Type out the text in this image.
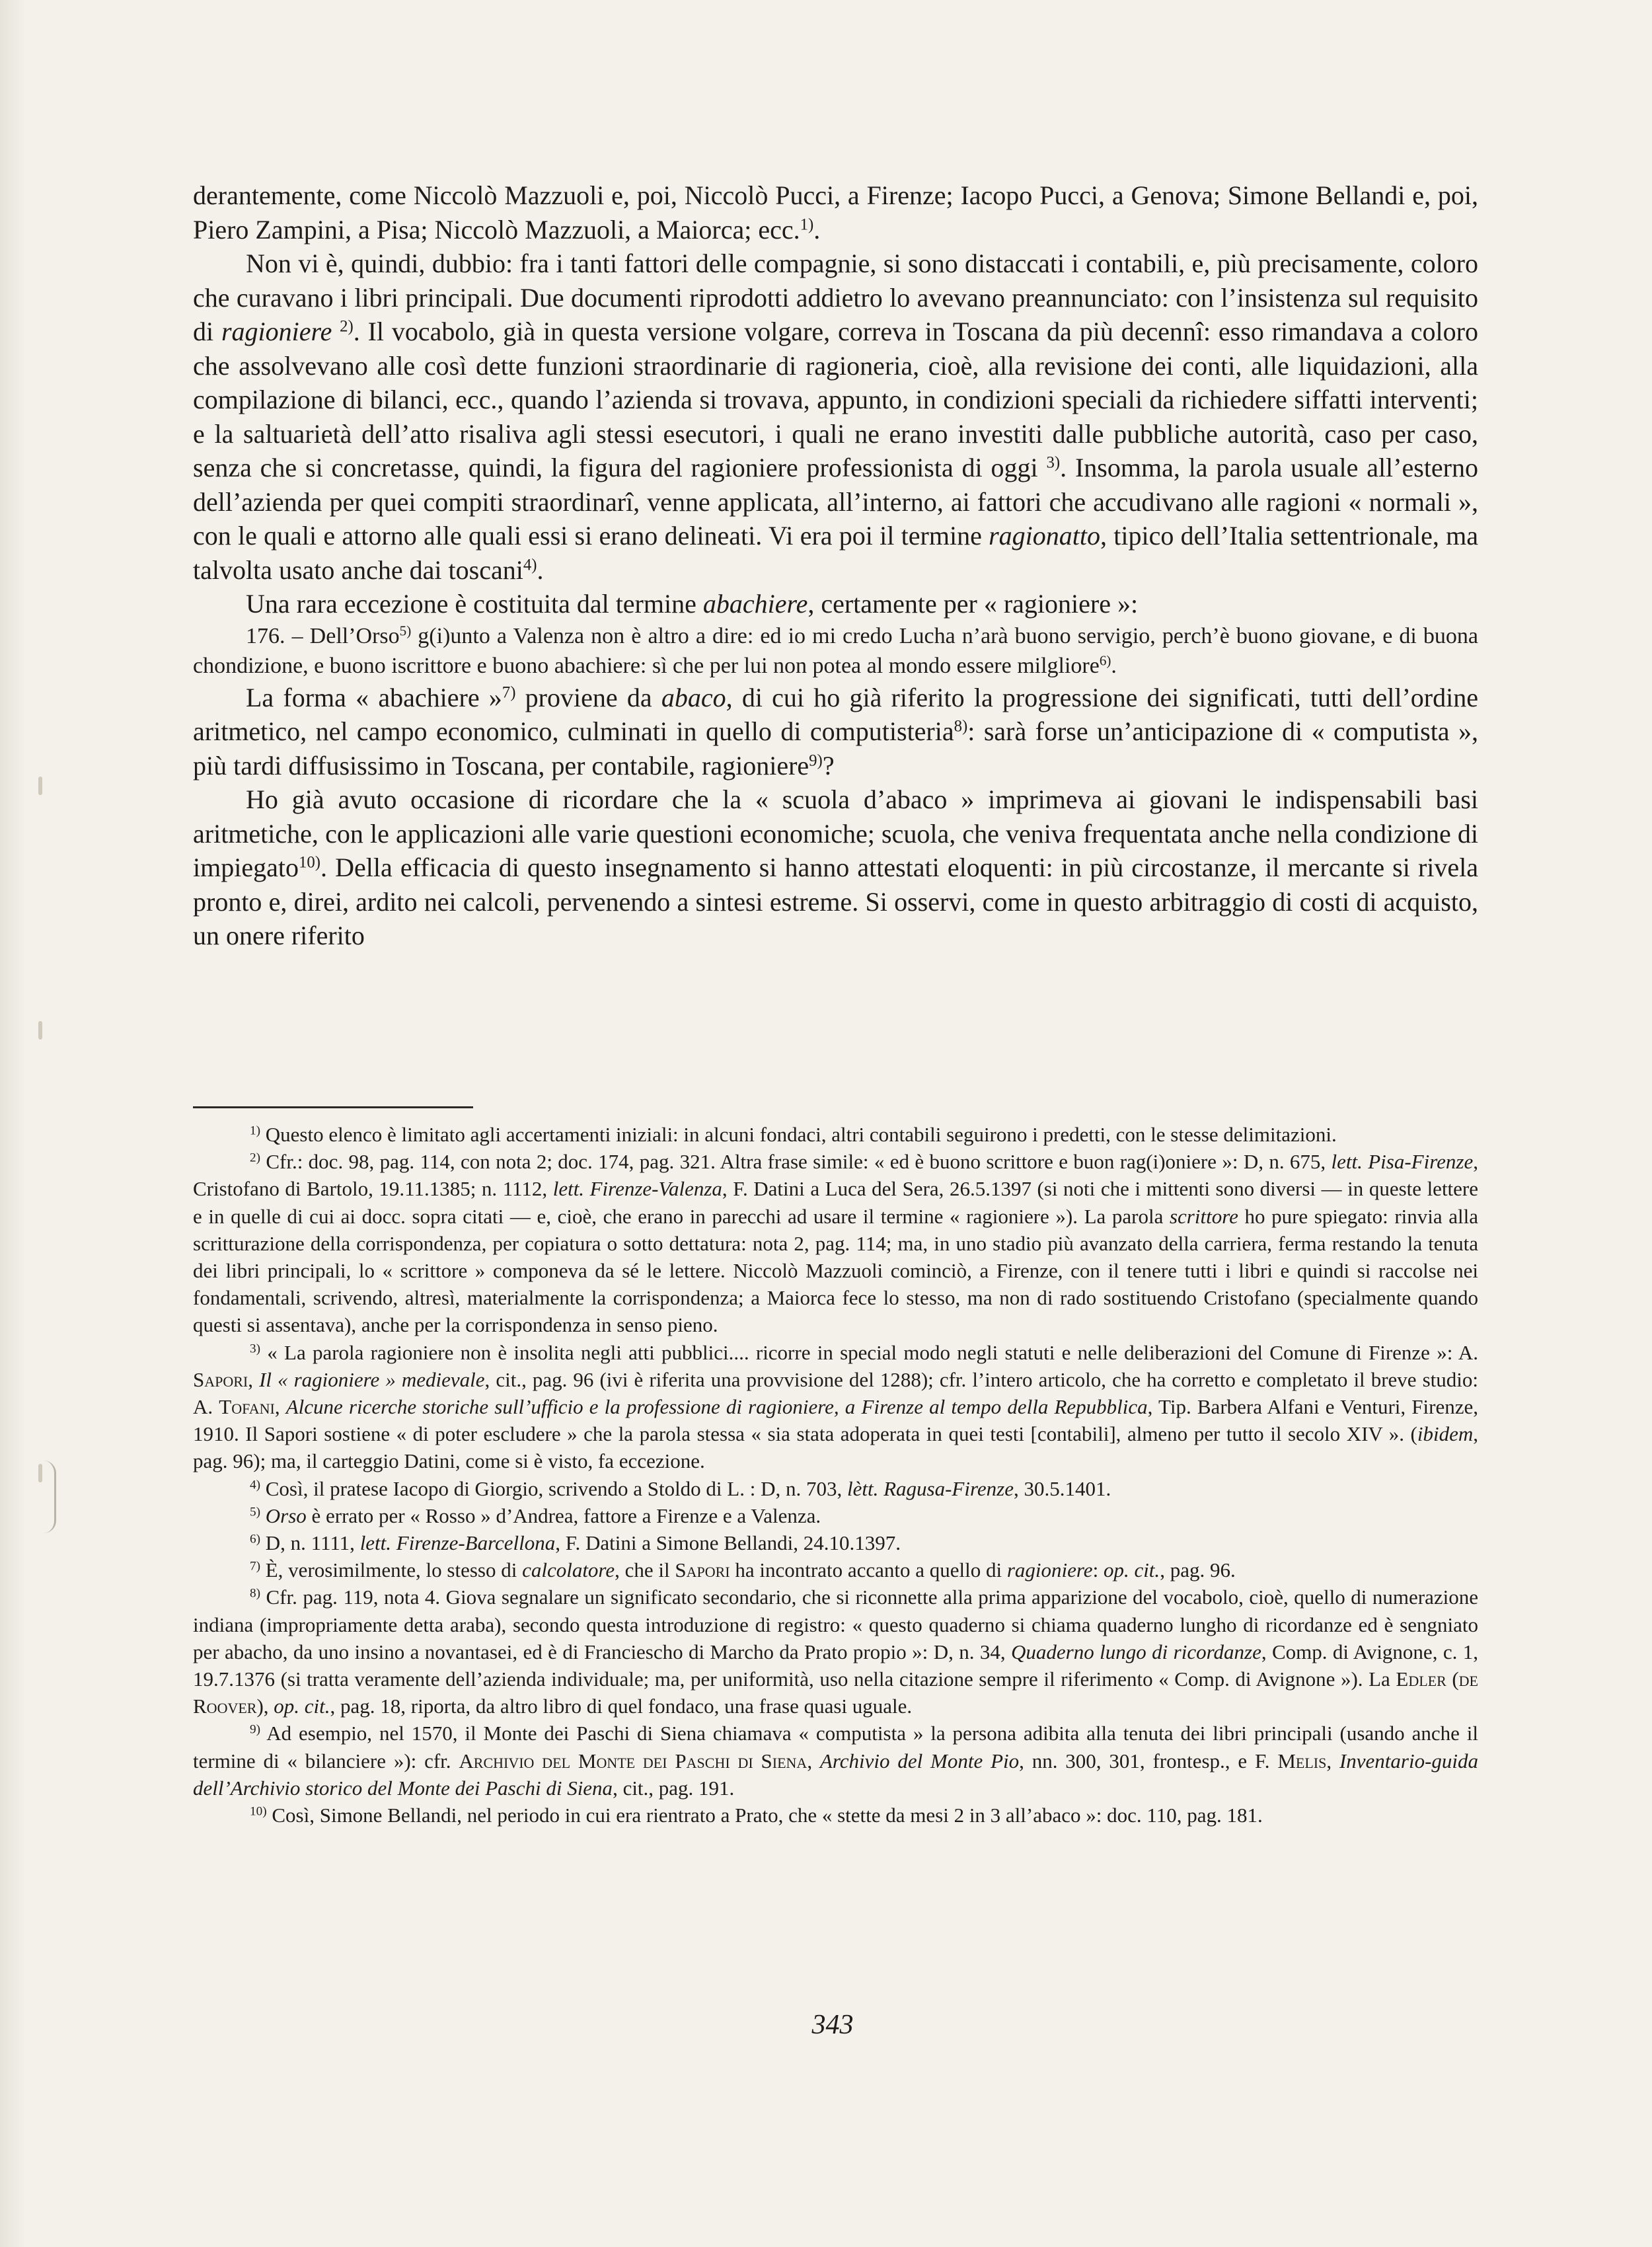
derantemente, come Niccolò Mazzuoli e, poi, Niccolò Pucci, a Firenze; Iacopo Pucci, a Genova; Simone Bellandi e, poi, Piero Zampini, a Pisa; Niccolò Mazzuoli, a Maiorca; ecc.$^{1)}$.

Non vi è, quindi, dubbio: fra i tanti fattori delle compagnie, si sono distaccati i contabili, e, più precisamente, coloro che curavano i libri principali. Due documenti riprodotti addietro lo avevano preannunciato: con l’insistenza sul requisito di ragioniere $^{2)}$. Il vocabolo, già in questa versione volgare, correva in Toscana da più decennî: esso rimandava a coloro che assolvevano alle così dette funzioni straordinarie di ragioneria, cioè, alla revisione dei conti, alle liquidazioni, alla compilazione di bilanci, ecc., quando l’azienda si trovava, appunto, in condizioni speciali da richiedere siffatti interventi; e la saltuarietà dell’atto risaliva agli stessi esecutori, i quali ne erano investiti dalle pubbliche autorità, caso per caso, senza che si concretasse, quindi, la figura del ragioniere professionista di oggi $^{3)}$. Insomma, la parola usuale all’esterno dell’azienda per quei compiti straordinarî, venne applicata, all’interno, ai fattori che accudivano alle ragioni « normali », con le quali e attorno alle quali essi si erano delineati. Vi era poi il termine ragionatto, tipico dell’Italia settentrionale, ma talvolta usato anche dai toscani$^{4)}$.

Una rara eccezione è costituita dal termine abachiere, certamente per « ragioniere »:

176. – Dell’Orso$^{5)}$ g(i)unto a Valenza non è altro a dire: ed io mi credo Lucha n’arà buono servigio, perch’è buono giovane, e di buona chondizione, e buono iscrittore e buono abachiere: sì che per lui non potea al mondo essere milgliore$^{6)}$.

La forma « abachiere »$^{7)}$ proviene da abaco, di cui ho già riferito la progressione dei significati, tutti dell’ordine aritmetico, nel campo economico, culminati in quello di computisteria$^{8)}$: sarà forse un’anticipazione di « computista », più tardi diffusissimo in Toscana, per contabile, ragioniere$^{9)}$?

Ho già avuto occasione di ricordare che la « scuola d’abaco » imprimeva ai giovani le indispensabili basi aritmetiche, con le applicazioni alle varie questioni economiche; scuola, che veniva frequentata anche nella condizione di impiegato$^{10)}$. Della efficacia di questo insegnamento si hanno attestati eloquenti: in più circostanze, il mercante si rivela pronto e, direi, ardito nei calcoli, pervenendo a sintesi estreme. Si osservi, come in questo arbitraggio di costi di acquisto, un onere riferito

$^{1)}$ Questo elenco è limitato agli accertamenti iniziali: in alcuni fondaci, altri contabili seguirono i predetti, con le stesse delimitazioni.

$^{2)}$ Cfr.: doc. 98, pag. 114, con nota 2; doc. 174, pag. 321. Altra frase simile: « ed è buono scrittore e buon rag(i)oniere »: D, n. 675, lett. Pisa-Firenze, Cristofano di Bartolo, 19.11.1385; n. 1112, lett. Firenze-Valenza, F. Datini a Luca del Sera, 26.5.1397 (si noti che i mittenti sono diversi — in queste lettere e in quelle di cui ai docc. sopra citati — e, cioè, che erano in parecchi ad usare il termine « ragioniere »). La parola scrittore ho pure spiegato: rinvia alla scritturazione della corrispondenza, per copiatura o sotto dettatura: nota 2, pag. 114; ma, in uno stadio più avanzato della carriera, ferma restando la tenuta dei libri principali, lo « scrittore » componeva da sé le lettere. Niccolò Mazzuoli cominciò, a Firenze, con il tenere tutti i libri e quindi si raccolse nei fondamentali, scrivendo, altresì, materialmente la corrispondenza; a Maiorca fece lo stesso, ma non di rado sostituendo Cristofano (specialmente quando questi si assentava), anche per la corrispondenza in senso pieno.

$^{3)}$ « La parola ragioniere non è insolita negli atti pubblici.... ricorre in special modo negli statuti e nelle deliberazioni del Comune di Firenze »: A. Sapori, Il « ragioniere » medievale, cit., pag. 96 (ivi è riferita una provvisione del 1288); cfr. l’intero articolo, che ha corretto e completato il breve studio: A. Tofani, Alcune ricerche storiche sull’ufficio e la professione di ragioniere, a Firenze al tempo della Repubblica, Tip. Barbera Alfani e Venturi, Firenze, 1910. Il Sapori sostiene « di poter escludere » che la parola stessa « sia stata adoperata in quei testi [contabili], almeno per tutto il secolo XIV ». (ibidem, pag. 96); ma, il carteggio Datini, come si è visto, fa eccezione.

$^{4)}$ Così, il pratese Iacopo di Giorgio, scrivendo a Stoldo di L. : D, n. 703, lètt. Ragusa-Firenze, 30.5.1401.

$^{5)}$ Orso è errato per « Rosso » d’Andrea, fattore a Firenze e a Valenza.

$^{6)}$ D, n. 1111, lett. Firenze-Barcellona, F. Datini a Simone Bellandi, 24.10.1397.

$^{7)}$ È, verosimilmente, lo stesso di calcolatore, che il Sapori ha incontrato accanto a quello di ragioniere: op. cit., pag. 96.

$^{8)}$ Cfr. pag. 119, nota 4. Giova segnalare un significato secondario, che si riconnette alla prima apparizione del vocabolo, cioè, quello di numerazione indiana (impropriamente detta araba), secondo questa introduzione di registro: « questo quaderno si chiama quaderno lungho di ricordanze ed è sengniato per abacho, da uno insino a novantasei, ed è di Franciescho di Marcho da Prato propio »: D, n. 34, Quaderno lungo di ricordanze, Comp. di Avignone, c. 1, 19.7.1376 (si tratta veramente dell’azienda individuale; ma, per uniformità, uso nella citazione sempre il riferimento « Comp. di Avignone »). La Edler (de Roover), op. cit., pag. 18, riporta, da altro libro di quel fondaco, una frase quasi uguale.

$^{9)}$ Ad esempio, nel 1570, il Monte dei Paschi di Siena chiamava « computista » la persona adibita alla tenuta dei libri principali (usando anche il termine di « bilanciere »): cfr. Archivio del Monte dei Paschi di Siena, Archivio del Monte Pio, nn. 300, 301, frontesp., e F. Melis, Inventario-guida dell’Archivio storico del Monte dei Paschi di Siena, cit., pag. 191.

$^{10)}$ Così, Simone Bellandi, nel periodo in cui era rientrato a Prato, che « stette da mesi 2 in 3 all’abaco »: doc. 110, pag. 181.

343
